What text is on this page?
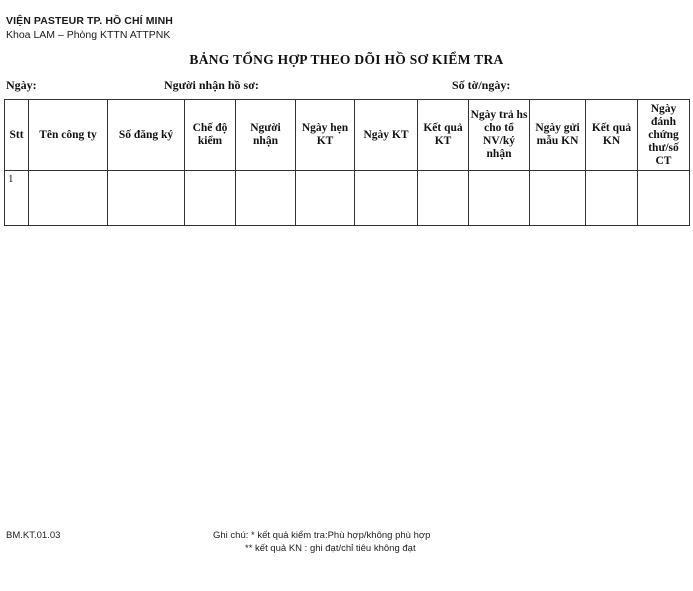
VIỆN PASTEUR TP. HỒ CHÍ MINH
Khoa LAM – Phòng KTTN ATTPNK
BẢNG TỔNG HỢP THEO DÕI HỒ SƠ KIỂM TRA
Ngày:	Người nhận hồ sơ:	Số tờ/ngày:
Stt	Tên công ty	Số đăng ký	Chế độ kiểm	Người nhận	Ngày hẹn KT	Ngày KT	Kết quả KT	Ngày trả hs cho tổ NV/ký nhận	Ngày gửi mẫu KN	Kết quả KN	Ngày đánh chứng thư/số CT
1											
BM.KT.01.03	Ghi chú: * kết quả kiểm tra:Phù hợp/không phù hợp
** kết quả KN : ghi đạt/chỉ tiêu không đạt
